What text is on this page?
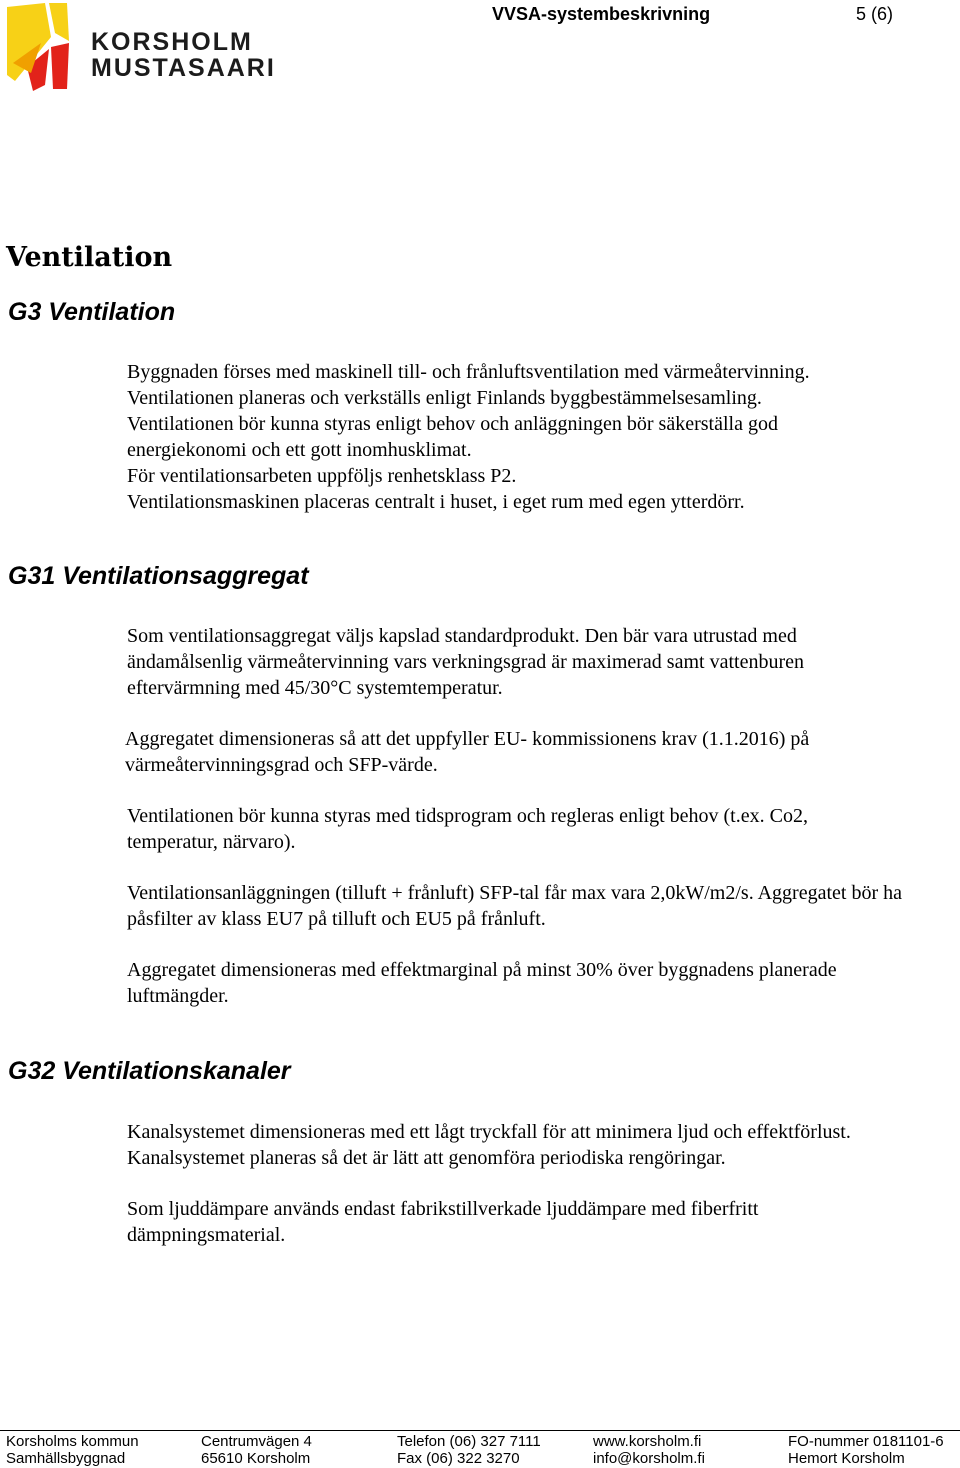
KORSHOLM
MUSTASAARI
VVSA-systembeskrivning	5 (6)
Ventilation
G3 Ventilation
Byggnaden förses med maskinell till- och frånluftsventilation med värmeåtervinning.
Ventilationen planeras och verkställs enligt Finlands byggbestämmelsesamling.
Ventilationen bör kunna styras enligt behov och anläggningen bör säkerställa god energiekonomi och ett gott inomhusklimat.
För ventilationsarbeten uppföljs renhetsklass P2.
Ventilationsmaskinen placeras centralt i huset, i eget rum med egen ytterdörr.
G31 Ventilationsaggregat
Som ventilationsaggregat väljs kapslad standardprodukt. Den bär vara utrustad med ändamålsenlig värmeåtervinning vars verkningsgrad är maximerad samt vattenburen eftervärmning med 45/30°C systemtemperatur.
Aggregatet dimensioneras så att det uppfyller EU- kommissionens krav (1.1.2016) på värmeåtervinningsgrad och SFP-värde.
Ventilationen bör kunna styras med tidsprogram och regleras enligt behov (t.ex. Co2, temperatur, närvaro).
Ventilationsanläggningen (tilluft + frånluft) SFP-tal får max vara 2,0kW/m2/s. Aggregatet bör ha påsfilter av klass EU7 på tilluft och EU5 på frånluft.
Aggregatet dimensioneras med effektmarginal på minst 30% över byggnadens planerade luftmängder.
G32 Ventilationskanaler
Kanalsystemet dimensioneras med ett lågt tryckfall för att minimera ljud och effektförlust. Kanalsystemet planeras så det är lätt att genomföra periodiska rengöringar.
Som ljuddämpare används endast fabrikstillverkade ljuddämpare med fiberfritt dämpningsmaterial.
Korsholms kommun
Samhällsbyggnad
Centrumvägen 4
65610 Korsholm
Telefon (06) 327 7111
Fax (06) 322 3270
www.korsholm.fi
info@korsholm.fi
FO-nummer 0181101-6
Hemort Korsholm
